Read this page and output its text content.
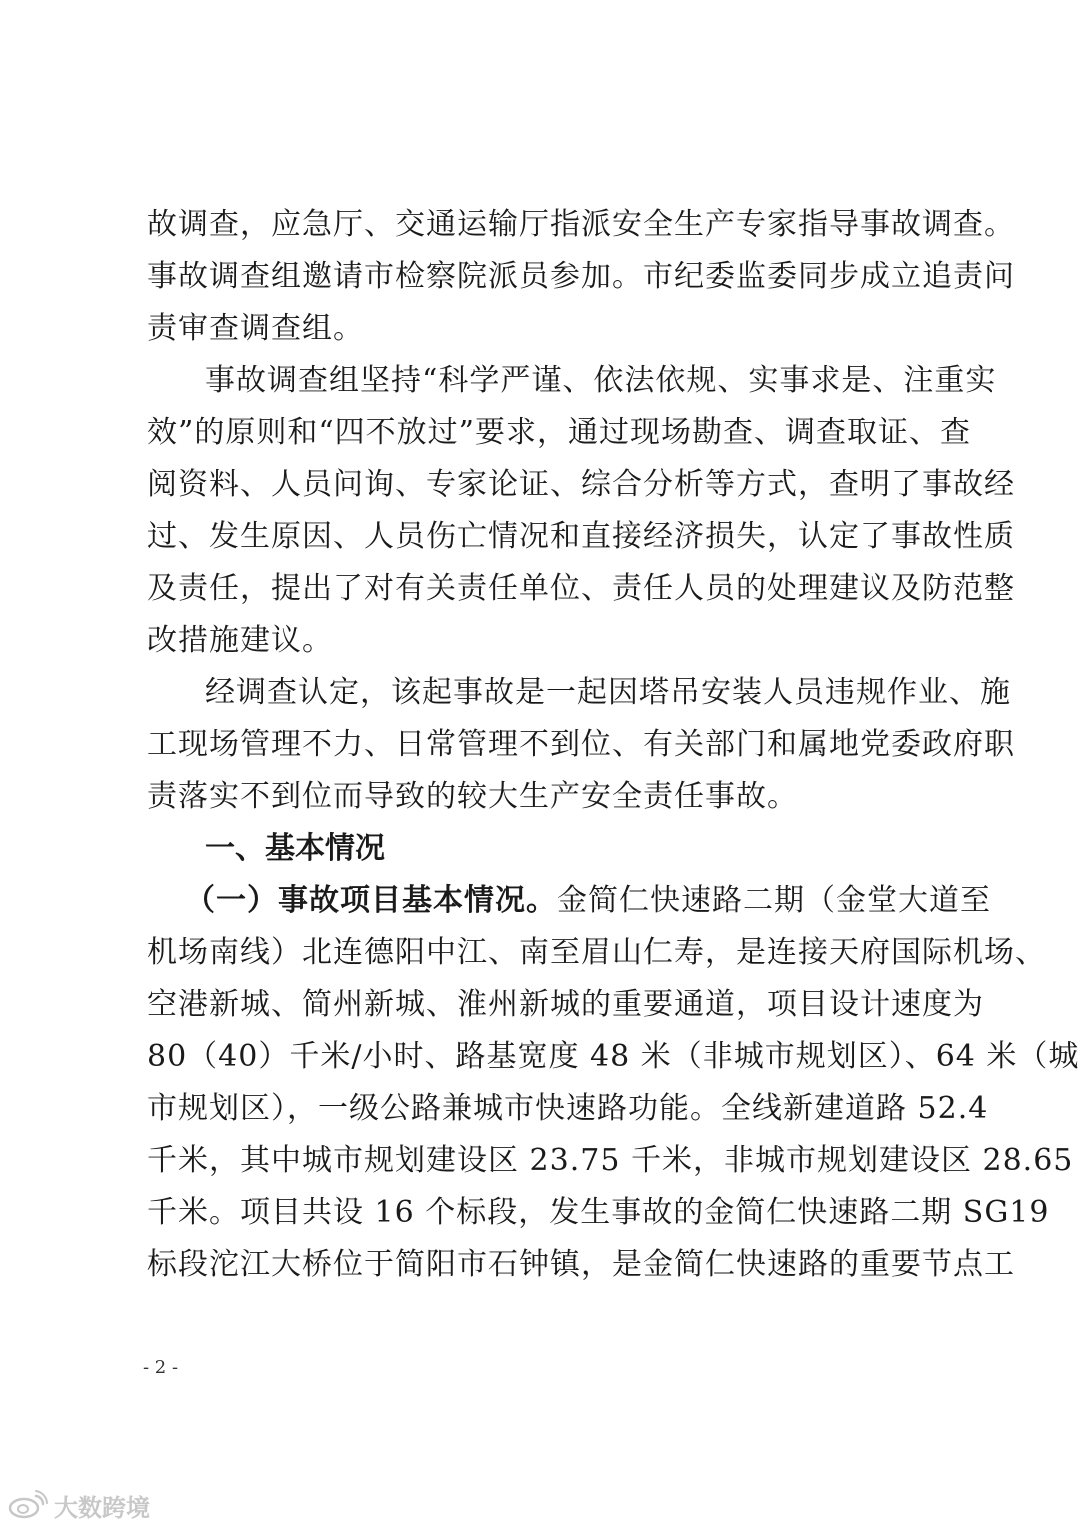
故调查，应急厅、交通运输厅指派安全生产专家指导事故调查。
事故调查组邀请市检察院派员参加。市纪委监委同步成立追责问
责审查调查组。
事故调查组坚持“科学严谨、依法依规、实事求是、注重实
效”的原则和“四不放过”要求，通过现场勘查、调查取证、查
阅资料、人员问询、专家论证、综合分析等方式，查明了事故经
过、发生原因、人员伤亡情况和直接经济损失，认定了事故性质
及责任，提出了对有关责任单位、责任人员的处理建议及防范整
改措施建议。
经调查认定，该起事故是一起因塔吊安装人员违规作业、施
工现场管理不力、日常管理不到位、有关部门和属地党委政府职
责落实不到位而导致的较大生产安全责任事故。
一、基本情况
（一）事故项目基本情况。金简仁快速路二期（金堂大道至
机场南线）北连德阳中江、南至眉山仁寿，是连接天府国际机场、
空港新城、简州新城、淮州新城的重要通道，项目设计速度为
80（40）千米/小时、路基宽度 48 米（非城市规划区）、64 米（城
市规划区），一级公路兼城市快速路功能。全线新建道路 52.4
千米，其中城市规划建设区 23.75 千米，非城市规划建设区 28.65
千米。项目共设 16 个标段，发生事故的金简仁快速路二期 SG19
标段沱江大桥位于简阳市石钟镇，是金简仁快速路的重要节点工
- 2 -
大数跨境
